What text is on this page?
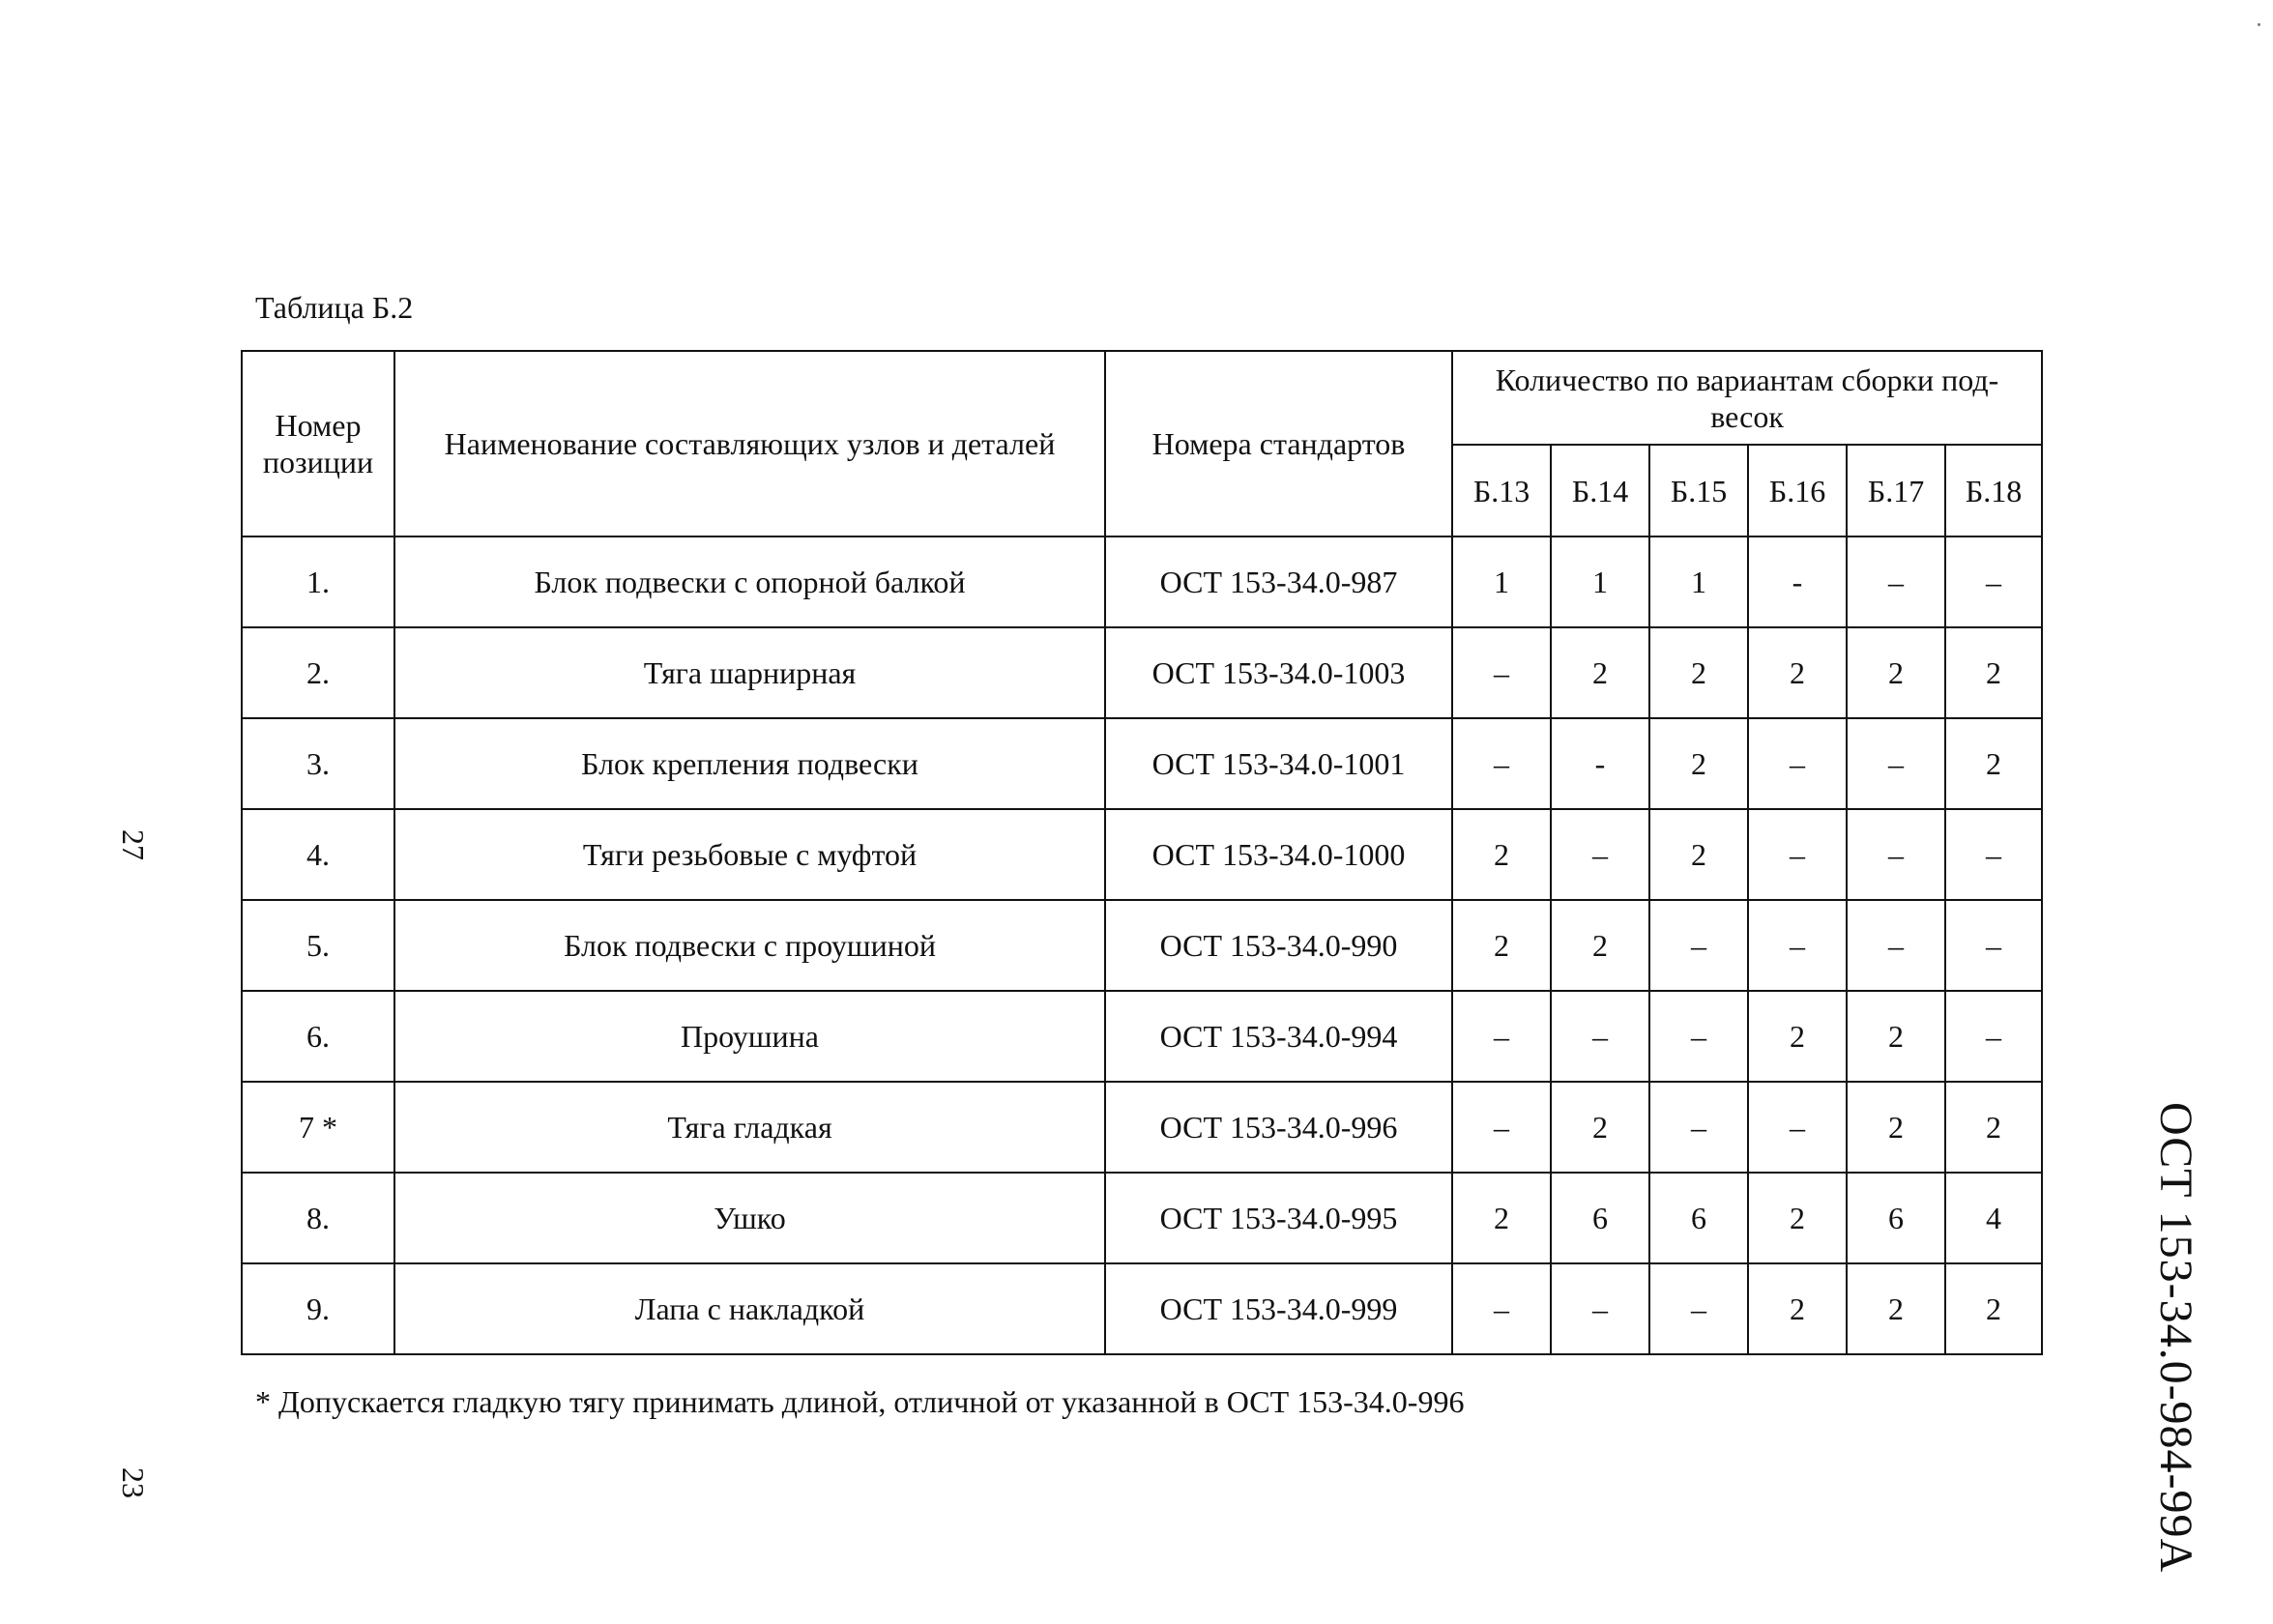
Таблица Б.2
Номер позиции	Наименование составляющих узлов и деталей	Номера стандартов	Количество по вариантам сборки под-весок					
			Б.13	Б.14	Б.15	Б.16	Б.17	Б.18
1.	Блок подвески с опорной балкой	ОСТ 153-34.0-987	1	1	1	-	–	–
2.	Тяга шарнирная	ОСТ 153-34.0-1003	–	2	2	2	2	2
3.	Блок крепления подвески	ОСТ 153-34.0-1001	–	-	2	–	–	2
4.	Тяги резьбовые с муфтой	ОСТ 153-34.0-1000	2	–	2	–	–	–
5.	Блок подвески с проушиной	ОСТ 153-34.0-990	2	2	–	–	–	–
6.	Проушина	ОСТ 153-34.0-994	–	–	–	2	2	–
7 *	Тяга гладкая	ОСТ 153-34.0-996	–	2	–	–	2	2
8.	Ушко	ОСТ 153-34.0-995	2	6	6	2	6	4
9.	Лапа с накладкой	ОСТ 153-34.0-999	–	–	–	2	2	2
* Допускается гладкую тягу принимать длиной, отличной от указанной в ОСТ 153-34.0-996	ОСТ 153-34.0-984-99А
27
23
